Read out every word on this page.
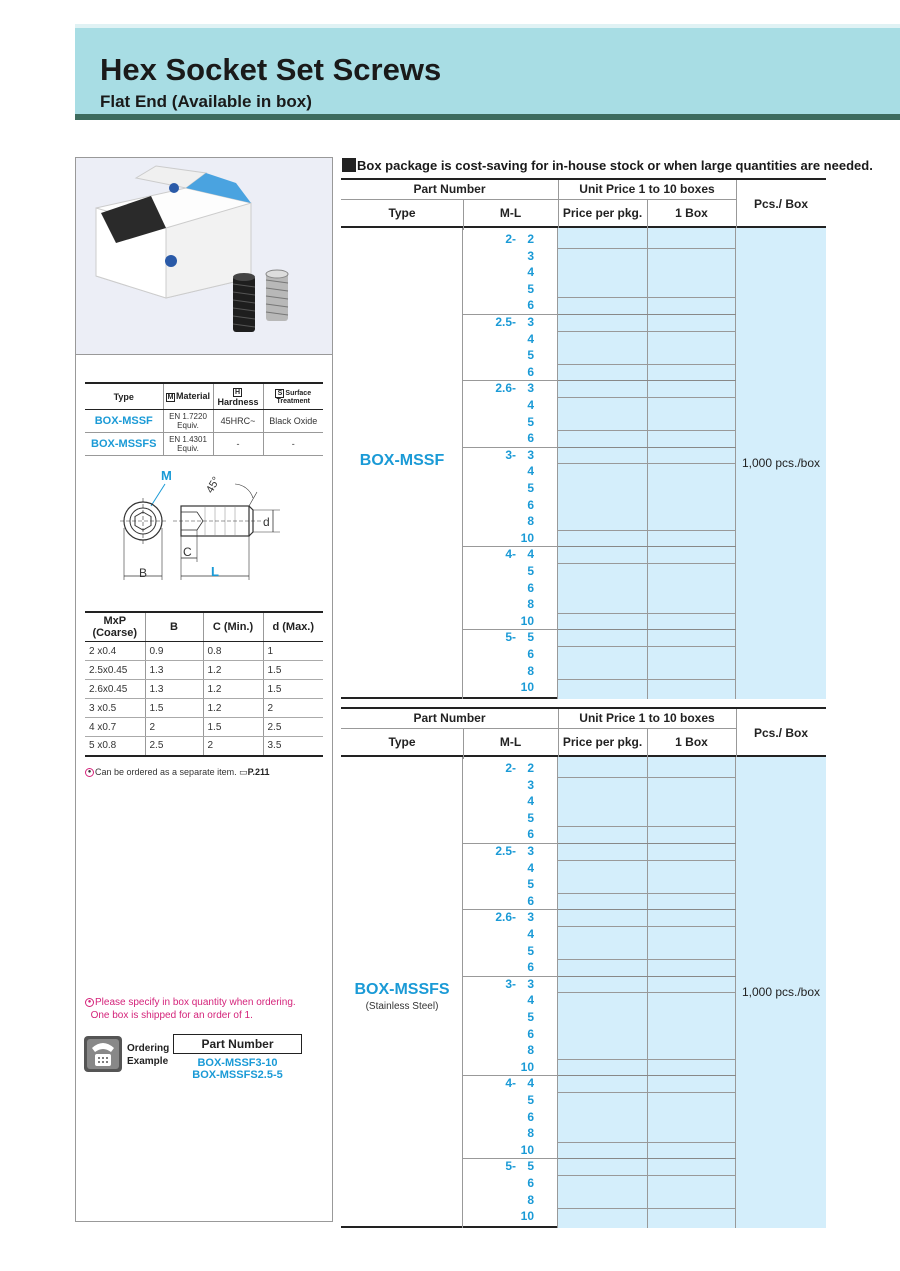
Hex Socket Set Screws
Flat End (Available in box)
Type	M Material	HHardness	S Surface Treatment
BOX-MSSF	EN 1.7220 Equiv.	45HRC~	Black Oxide
BOX-MSSFS	EN 1.4301 Equiv.	-	-
M
B
45°
d
C
L
MxP (Coarse)	B	C (Min.)	d (Max.)
2 x0.4	0.9	0.8	1
2.5x0.45	1.3	1.2	1.5
2.6x0.45	1.3	1.2	1.5
3 x0.5	1.5	1.2	2
4 x0.7	2	1.5	2.5
5 x0.8	2.5	2	3.5
● Can be ordered as a separate item. ▭P.211
● Please specify in box quantity when ordering.
One box is shipped for an order of 1.
Ordering
Example
Part Number
BOX-MSSF3-10
BOX-MSSFS2.5-5
Box package is cost-saving for in-house stock or when large quantities are needed.
Part Number	Unit Price 1 to 10 boxes
Type	M-L	Price per pkg.	1 Box
Pcs./ Box
BOX-MSSF
2- 2
3
4
5
6
2.5- 3
4
5
6
2.6- 3
4
5
6
3- 3
4
5
6
8
10
4- 4
5
6
8
10
5- 5
6
8
10
1,000 pcs./box
Part Number	Unit Price 1 to 10 boxes
Type	M-L	Price per pkg.	1 Box
Pcs./ Box
BOX-MSSFS
(Stainless Steel)
2- 2
3
4
5
6
2.5- 3
4
5
6
2.6- 3
4
5
6
3- 3
4
5
6
8
10
4- 4
5
6
8
10
5- 5
6
8
10
1,000 pcs./box
